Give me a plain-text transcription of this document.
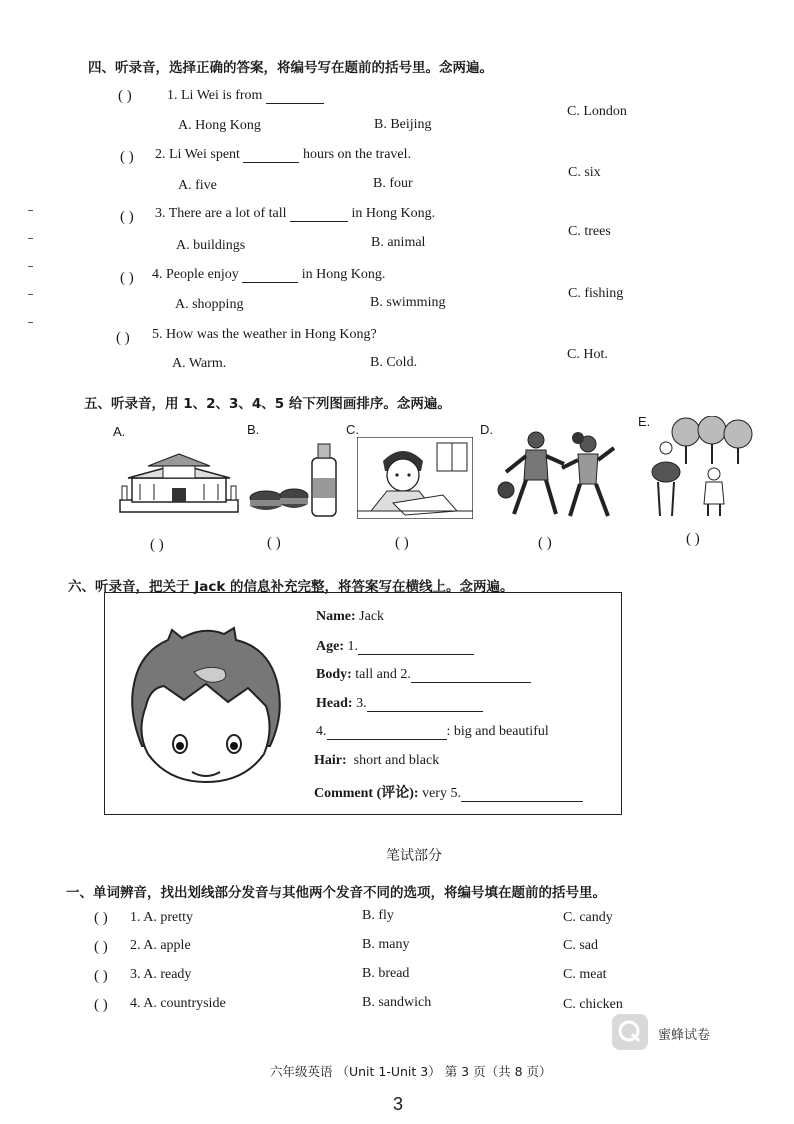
四、听录音，选择正确的答案，将编号写在题前的括号里。念两遍。
( )	1. Li Wei is from
A. Hong Kong	B. Beijing
C. London
( ) 2. Li Wei spent	hours on the travel.
A. five	B. four
C. six
( ) 3. There are a lot of tall	in Hong Kong.
A. buildings	B. animal
C. trees
( ) 4. People enjoy	in Hong Kong.
A. shopping	B. swimming
C. fishing
( ) 5. How was the weather in Hong Kong?
A. Warm.	B. Cold.
C. Hot.
五、听录音，用 1、2、3、4、5 给下列图画排序。念两遍。
A.
( )
B.
( )
C.
( )
D.
( )
E.
( )
六、听录音，把关于 Jack 的信息补充完整，将答案写在横线上。念两遍。
Name: Jack
Age: 1.
Body: tall and 2.
Head: 3.
4.	: big and beautiful
Hair: short and black
Comment (评论): very 5.
笔试部分
一、单词辨音，找出划线部分发音与其他两个发音不同的选项，将编号填在题前的括号里。
( ) 1. A. pretty	B. fly	C. candy
( ) 2. A. apple	B. many	C. sad
( ) 3. A. ready	B. bread	C. meat
( ) 4. A. countryside	B. sandwich	C. chicken
蜜蜂试卷
六年级英语 （Unit 1-Unit 3） 第 3 页（共 8 页）
3
